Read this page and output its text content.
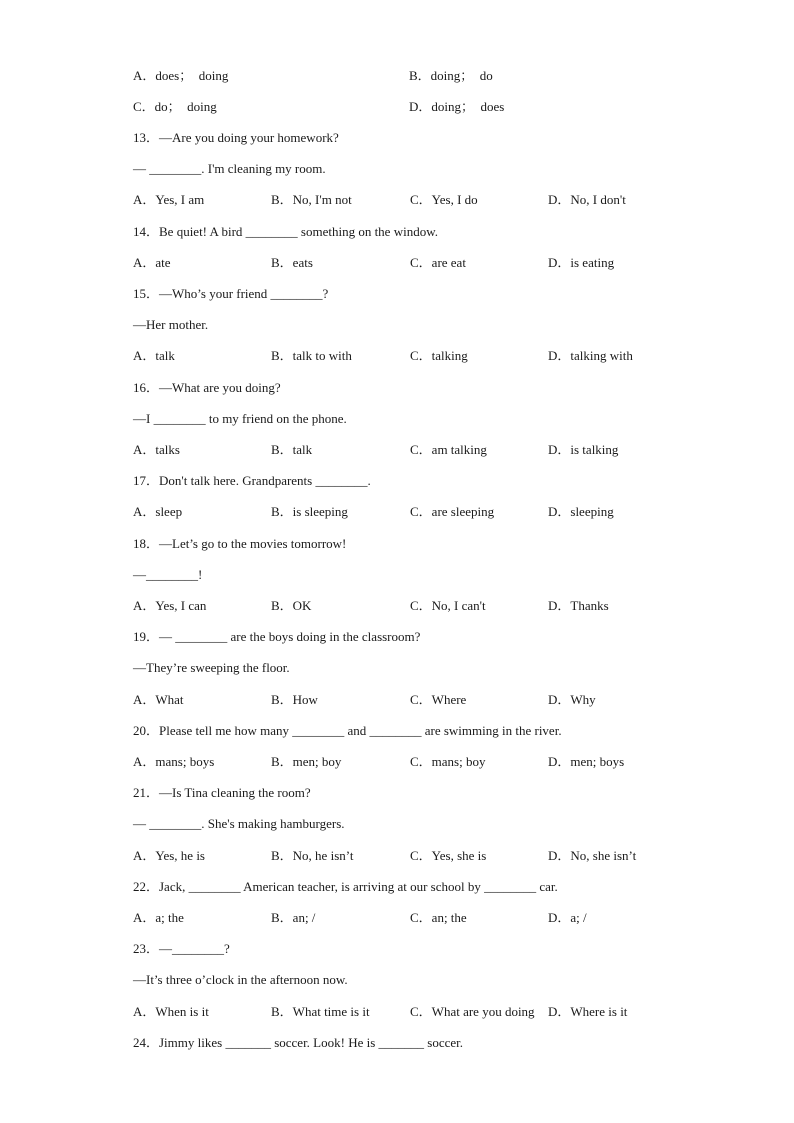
A．does；  doing	B．doing；  do
C．do；  doing	D．doing；  does
13．—Are you doing your homework?
— ________. I'm cleaning my room.
A．Yes, I am	B．No, I'm not	C．Yes, I do	D．No, I don't
14．Be quiet! A bird ________ something on the window.
A．ate	B．eats	C．are eat	D．is eating
15．—Who’s your friend ________?
—Her mother.
A．talk	B．talk to with	C．talking	D．talking with
16．—What are you doing?
—I ________ to my friend on the phone.
A．talks	B．talk	C．am talking	D．is talking
17．Don't talk here. Grandparents ________.
A．sleep	B．is sleeping	C．are sleeping	D．sleeping
18．—Let’s go to the movies tomorrow!
—________!
A．Yes, I can	B．OK	C．No, I can't	D．Thanks
19．— ________ are the boys doing in the classroom?
—They’re sweeping the floor.
A．What	B．How	C．Where	D．Why
20．Please tell me how many ________ and ________ are swimming in the river.
A．mans; boys	B．men; boy	C．mans; boy	D．men; boys
21．—Is Tina cleaning the room?
— ________. She's making hamburgers.
A．Yes, he is	B．No, he isn’t	C．Yes, she is	D．No, she isn’t
22．Jack, ________ American teacher, is arriving at our school by ________ car.
A．a; the	B．an; /	C．an; the	D．a; /
23．—________?
—It’s three o’clock in the afternoon now.
A．When is it	B．What time is it	C．What are you doing D．Where is it
24．Jimmy likes _______ soccer. Look! He is _______ soccer.
